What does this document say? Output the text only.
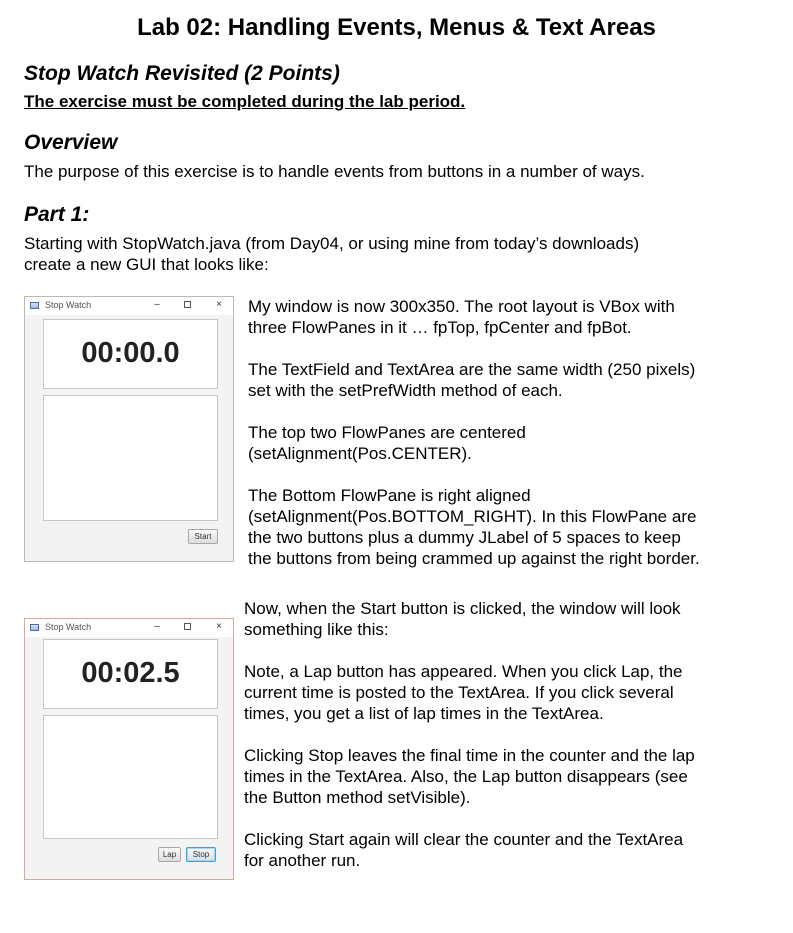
Lab 02: Handling Events, Menus & Text Areas
Stop Watch Revisited (2 Points)

The exercise must be completed during the lab period.

Overview

The purpose of this exercise is to handle events from buttons in a number of ways.

Part 1:
Starting with StopWatch.java (from Day04, or using mine from today’s downloads)
create a new GUI that looks like:
Stop Watch	–	×
00:00.0
Start
My window is now 300x350. The root layout is VBox with
three FlowPanes in it … fpTop, fpCenter and fpBot.
The TextField and TextArea are the same width (250 pixels)
set with the setPrefWidth method of each.
The top two FlowPanes are centered
(setAlignment(Pos.CENTER).
The Bottom FlowPane is right aligned
(setAlignment(Pos.BOTTOM_RIGHT). In this FlowPane are
the two buttons plus a dummy JLabel of 5 spaces to keep
the buttons from being crammed up against the right border.
Stop Watch	–	×
00:02.5
Lap	Stop
Now, when the Start button is clicked, the window will look
something like this:
Note, a Lap button has appeared. When you click Lap, the
current time is posted to the TextArea. If you click several
times, you get a list of lap times in the TextArea.
Clicking Stop leaves the final time in the counter and the lap
times in the TextArea. Also, the Lap button disappears (see
the Button method setVisible).
Clicking Start again will clear the counter and the TextArea
for another run.
